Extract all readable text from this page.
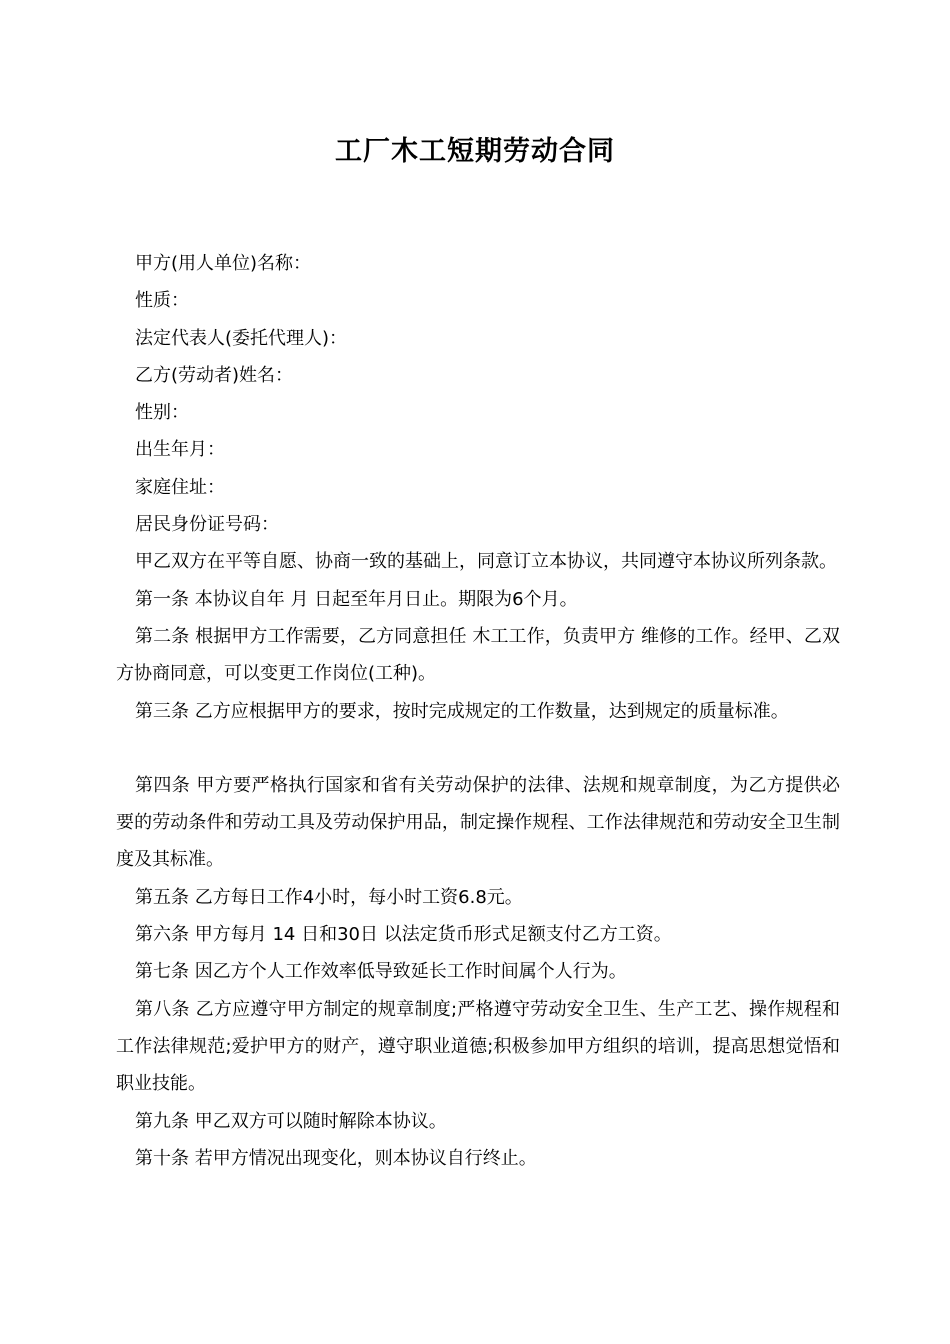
工厂木工短期劳动合同

甲方(用人单位)名称：

性质：

法定代表人(委托代理人)：

乙方(劳动者)姓名：

性别：

出生年月：

家庭住址：

居民身份证号码：

甲乙双方在平等自愿、协商一致的基础上，同意订立本协议，共同遵守本协议所列条款。

第一条 本协议自年 月 日起至年月日止。期限为6个月。

第二条 根据甲方工作需要，乙方同意担任 木工工作，负责甲方 维修的工作。经甲、乙双方协商同意，可以变更工作岗位(工种)。

第三条 乙方应根据甲方的要求，按时完成规定的工作数量，达到规定的质量标准。

第四条 甲方要严格执行国家和省有关劳动保护的法律、法规和规章制度，为乙方提供必要的劳动条件和劳动工具及劳动保护用品，制定操作规程、工作法律规范和劳动安全卫生制度及其标准。

第五条 乙方每日工作4小时，每小时工资6.8元。

第六条 甲方每月 14 日和30日 以法定货币形式足额支付乙方工资。

第七条 因乙方个人工作效率低导致延长工作时间属个人行为。

第八条 乙方应遵守甲方制定的规章制度;严格遵守劳动安全卫生、生产工艺、操作规程和工作法律规范;爱护甲方的财产，遵守职业道德;积极参加甲方组织的培训，提高思想觉悟和职业技能。

第九条 甲乙双方可以随时解除本协议。

第十条 若甲方情况出现变化，则本协议自行终止。
